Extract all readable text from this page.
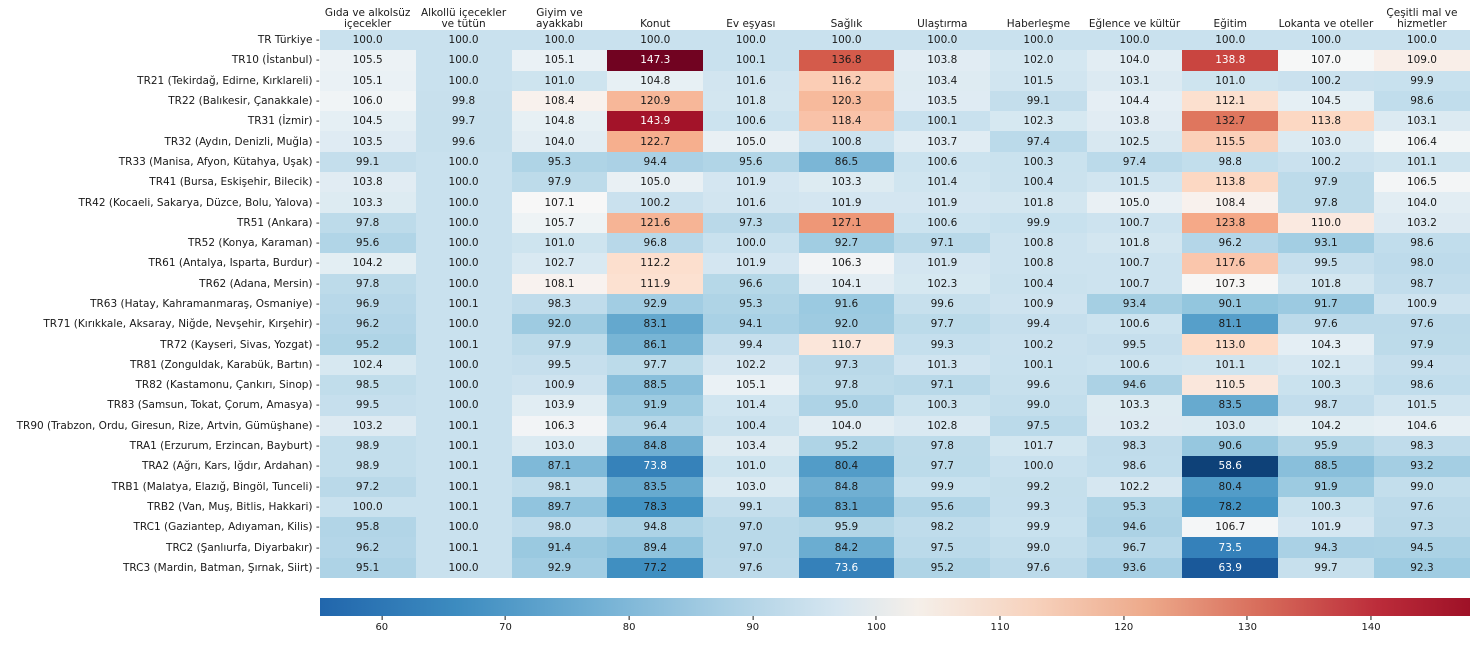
	Gıda ve alkolsüz içecekler	Alkollü içecekler ve tütün	Giyim ve ayakkabı	Konut	Ev eşyası	Sağlık	Ulaştırma	Haberleşme	Eğlence ve kültür	Eğitim	Lokanta ve oteller	Çeşitli mal ve hizmetler
TR Türkiye -	100.0	100.0	100.0	100.0	100.0	100.0	100.0	100.0	100.0	100.0	100.0	100.0
TR10 (İstanbul) -	105.5	100.0	105.1	147.3	100.1	136.8	103.8	102.0	104.0	138.8	107.0	109.0
TR21 (Tekirdağ, Edirne, Kırklareli) -	105.1	100.0	101.0	104.8	101.6	116.2	103.4	101.5	103.1	101.0	100.2	99.9
TR22 (Balıkesir, Çanakkale) -	106.0	99.8	108.4	120.9	101.8	120.3	103.5	99.1	104.4	112.1	104.5	98.6
TR31 (İzmir) -	104.5	99.7	104.8	143.9	100.6	118.4	100.1	102.3	103.8	132.7	113.8	103.1
TR32 (Aydın, Denizli, Muğla) -	103.5	99.6	104.0	122.7	105.0	100.8	103.7	97.4	102.5	115.5	103.0	106.4
TR33 (Manisa, Afyon, Kütahya, Uşak) -	99.1	100.0	95.3	94.4	95.6	86.5	100.6	100.3	97.4	98.8	100.2	101.1
TR41 (Bursa, Eskişehir, Bilecik) -	103.8	100.0	97.9	105.0	101.9	103.3	101.4	100.4	101.5	113.8	97.9	106.5
TR42 (Kocaeli, Sakarya, Düzce, Bolu, Yalova) -	103.3	100.0	107.1	100.2	101.6	101.9	101.9	101.8	105.0	108.4	97.8	104.0
TR51 (Ankara) -	97.8	100.0	105.7	121.6	97.3	127.1	100.6	99.9	100.7	123.8	110.0	103.2
TR52 (Konya, Karaman) -	95.6	100.0	101.0	96.8	100.0	92.7	97.1	100.8	101.8	96.2	93.1	98.6
TR61 (Antalya, Isparta, Burdur) -	104.2	100.0	102.7	112.2	101.9	106.3	101.9	100.8	100.7	117.6	99.5	98.0
TR62 (Adana, Mersin) -	97.8	100.0	108.1	111.9	96.6	104.1	102.3	100.4	100.7	107.3	101.8	98.7
TR63 (Hatay, Kahramanmaraş, Osmaniye) -	96.9	100.1	98.3	92.9	95.3	91.6	99.6	100.9	93.4	90.1	91.7	100.9
TR71 (Kırıkkale, Aksaray, Niğde, Nevşehir, Kırşehir) -	96.2	100.0	92.0	83.1	94.1	92.0	97.7	99.4	100.6	81.1	97.6	97.6
TR72 (Kayseri, Sivas, Yozgat) -	95.2	100.1	97.9	86.1	99.4	110.7	99.3	100.2	99.5	113.0	104.3	97.9
TR81 (Zonguldak, Karabük, Bartın) -	102.4	100.0	99.5	97.7	102.2	97.3	101.3	100.1	100.6	101.1	102.1	99.4
TR82 (Kastamonu, Çankırı, Sinop) -	98.5	100.0	100.9	88.5	105.1	97.8	97.1	99.6	94.6	110.5	100.3	98.6
TR83 (Samsun, Tokat, Çorum, Amasya) -	99.5	100.0	103.9	91.9	101.4	95.0	100.3	99.0	103.3	83.5	98.7	101.5
TR90 (Trabzon, Ordu, Giresun, Rize, Artvin, Gümüşhane) -	103.2	100.1	106.3	96.4	100.4	104.0	102.8	97.5	103.2	103.0	104.2	104.6
TRA1 (Erzurum, Erzincan, Bayburt) -	98.9	100.1	103.0	84.8	103.4	95.2	97.8	101.7	98.3	90.6	95.9	98.3
TRA2 (Ağrı, Kars, Iğdır, Ardahan) -	98.9	100.1	87.1	73.8	101.0	80.4	97.7	100.0	98.6	58.6	88.5	93.2
TRB1 (Malatya, Elazığ, Bingöl, Tunceli) -	97.2	100.1	98.1	83.5	103.0	84.8	99.9	99.2	102.2	80.4	91.9	99.0
TRB2 (Van, Muş, Bitlis, Hakkari) -	100.0	100.1	89.7	78.3	99.1	83.1	95.6	99.3	95.3	78.2	100.3	97.6
TRC1 (Gaziantep, Adıyaman, Kilis) -	95.8	100.0	98.0	94.8	97.0	95.9	98.2	99.9	94.6	106.7	101.9	97.3
TRC2 (Şanlıurfa, Diyarbakır) -	96.2	100.1	91.4	89.4	97.0	84.2	97.5	99.0	96.7	73.5	94.3	94.5
TRC3 (Mardin, Batman, Şırnak, Siirt) -	95.1	100.0	92.9	77.2	97.6	73.6	95.2	97.6	93.6	63.9	99.7	92.3
60	70	80	90	100	110	120	130	140
